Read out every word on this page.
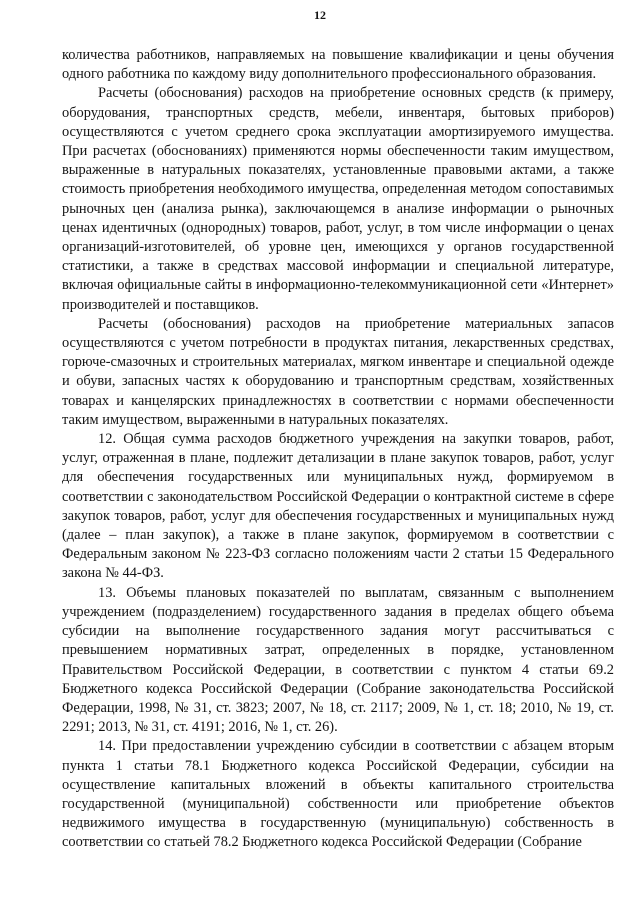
12

количества работников, направляемых на повышение квалификации и цены обучения одного работника по каждому виду дополнительного профессионального образования.

Расчеты (обоснования) расходов на приобретение основных средств (к примеру, оборудования, транспортных средств, мебели, инвентаря, бытовых приборов) осуществляются с учетом среднего срока эксплуатации амортизируемого имущества. При расчетах (обоснованиях) применяются нормы обеспеченности таким имуществом, выраженные в натуральных показателях, установленные правовыми актами, а также стоимость приобретения необходимого имущества, определенная методом сопоставимых рыночных цен (анализа рынка), заключающемся в анализе информации о рыночных ценах идентичных (однородных) товаров, работ, услуг, в том числе информации о ценах организаций-изготовителей, об уровне цен, имеющихся у органов государственной статистики, а также в средствах массовой информации и специальной литературе, включая официальные сайты в информационно-телекоммуникационной сети «Интернет» производителей и поставщиков.

Расчеты (обоснования) расходов на приобретение материальных запасов осуществляются с учетом потребности в продуктах питания, лекарственных средствах, горюче-смазочных и строительных материалах, мягком инвентаре и специальной одежде и обуви, запасных частях к оборудованию и транспортным средствам, хозяйственных товарах и канцелярских принадлежностях в соответствии с нормами обеспеченности таким имуществом, выраженными в натуральных показателях.

12. Общая сумма расходов бюджетного учреждения на закупки товаров, работ, услуг, отраженная в плане, подлежит детализации в плане закупок товаров, работ, услуг для обеспечения государственных или муниципальных нужд, формируемом в соответствии с законодательством Российской Федерации о контрактной системе в сфере закупок товаров, работ, услуг для обеспечения государственных и муниципальных нужд (далее – план закупок), а также в плане закупок, формируемом в соответствии с Федеральным законом № 223-ФЗ согласно положениям части 2 статьи 15 Федерального закона № 44-ФЗ.

13. Объемы плановых показателей по выплатам, связанным с выполнением учреждением (подразделением) государственного задания в пределах общего объема субсидии на выполнение государственного задания могут рассчитываться с превышением нормативных затрат, определенных в порядке, установленном Правительством Российской Федерации, в соответствии с пунктом 4 статьи 69.2 Бюджетного кодекса Российской Федерации (Собрание законодательства Российской Федерации, 1998, № 31, ст. 3823; 2007, № 18, ст. 2117; 2009, № 1, ст. 18; 2010, № 19, ст. 2291; 2013, № 31, ст. 4191; 2016, № 1, ст. 26).

14. При предоставлении учреждению субсидии в соответствии с абзацем вторым пункта 1 статьи 78.1 Бюджетного кодекса Российской Федерации, субсидии на осуществление капитальных вложений в объекты капитального строительства государственной (муниципальной) собственности или приобретение объектов недвижимого имущества в государственную (муниципальную) собственность в соответствии со статьей 78.2 Бюджетного кодекса Российской Федерации (Собрание
